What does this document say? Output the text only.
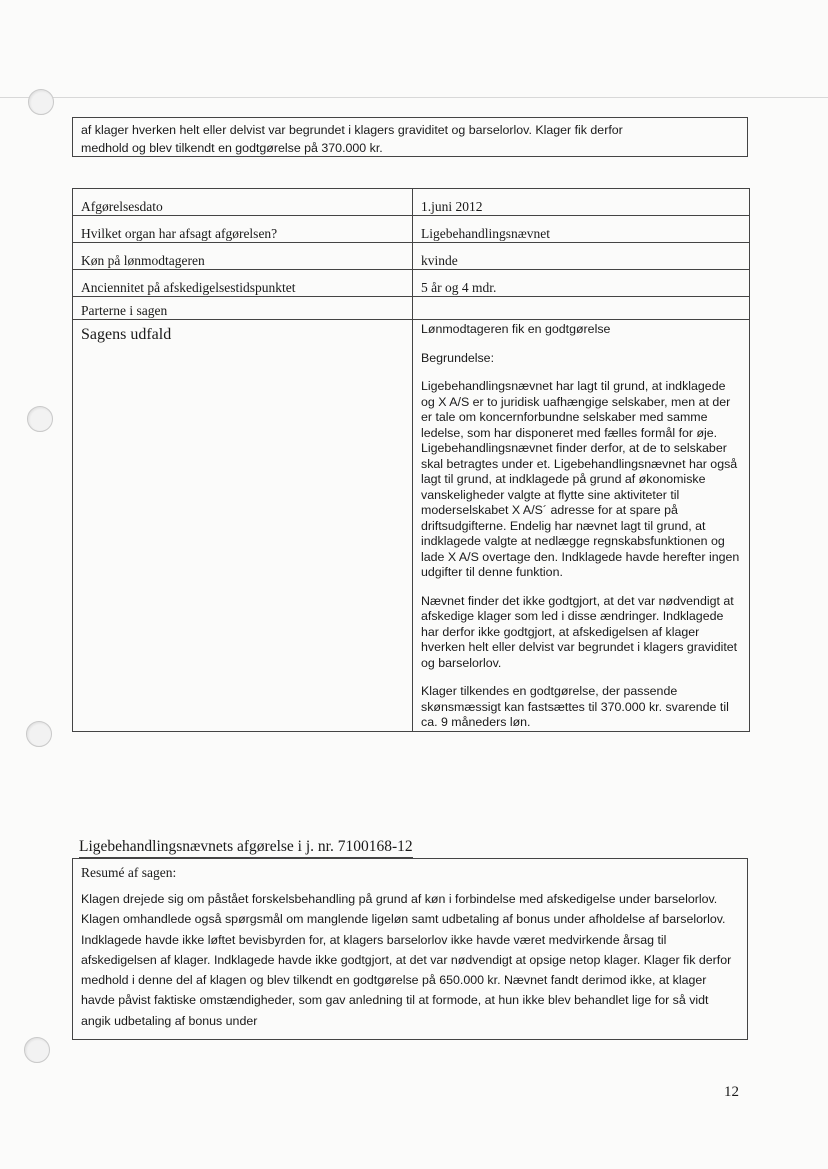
af klager hverken helt eller delvist var begrundet i klagers graviditet og barselorlov. Klager fik derfor
medhold og blev tilkendt en godtgørelse på 370.000 kr.
Afgørelsesdato	1.juni 2012
Hvilket organ har afsagt afgørelsen?	Ligebehandlingsnævnet
Køn på lønmodtageren	kvinde
Anciennitet på afskedigelsestidspunktet	5 år og 4 mdr.
Parterne i sagen	

Sagens udfald	Lønmodtageren fik en godtgørelse

Begrundelse:

Ligebehandlingsnævnet har lagt til grund, at indklagede og X A/S er to juridisk uafhængige selskaber, men at der er tale om koncernforbundne selskaber med samme ledelse, som har disponeret med fælles formål for øje. Ligebehandlingsnævnet finder derfor, at de to selskaber skal betragtes under et. Ligebehandlingsnævnet har også lagt til grund, at indklagede på grund af økonomiske vanskeligheder valgte at flytte sine aktiviteter til moderselskabet X A/S´ adresse for at spare på driftsudgifterne. Endelig har nævnet lagt til grund, at indklagede valgte at nedlægge regnskabsfunktionen og lade X A/S overtage den. Indklagede havde herefter ingen udgifter til denne funktion.

Nævnet finder det ikke godtgjort, at det var nødvendigt at afskedige klager som led i disse ændringer. Indklagede har derfor ikke godtgjort, at afskedigelsen af klager hverken helt eller delvist var begrundet i klagers graviditet og barselorlov.

Klager tilkendes en godtgørelse, der passende skønsmæssigt kan fastsættes til 370.000 kr. svarende til ca. 9 måneders løn.

Ligebehandlingsnævnets afgørelse i j. nr. 7100168-12
Resumé af sagen:
Klagen drejede sig om påstået forskelsbehandling på grund af køn i forbindelse med afskedigelse under barselorlov. Klagen omhandlede også spørgsmål om manglende ligeløn samt udbetaling af bonus under afholdelse af barselorlov. Indklagede havde ikke løftet bevisbyrden for, at klagers barselorlov ikke havde været medvirkende årsag til afskedigelsen af klager. Indklagede havde ikke godtgjort, at det var nødvendigt at opsige netop klager. Klager fik derfor medhold i denne del af klagen og blev tilkendt en godtgørelse på 650.000 kr. Nævnet fandt derimod ikke, at klager havde påvist faktiske omstændigheder, som gav anledning til at formode, at hun ikke blev behandlet lige for så vidt angik udbetaling af bonus under
12
